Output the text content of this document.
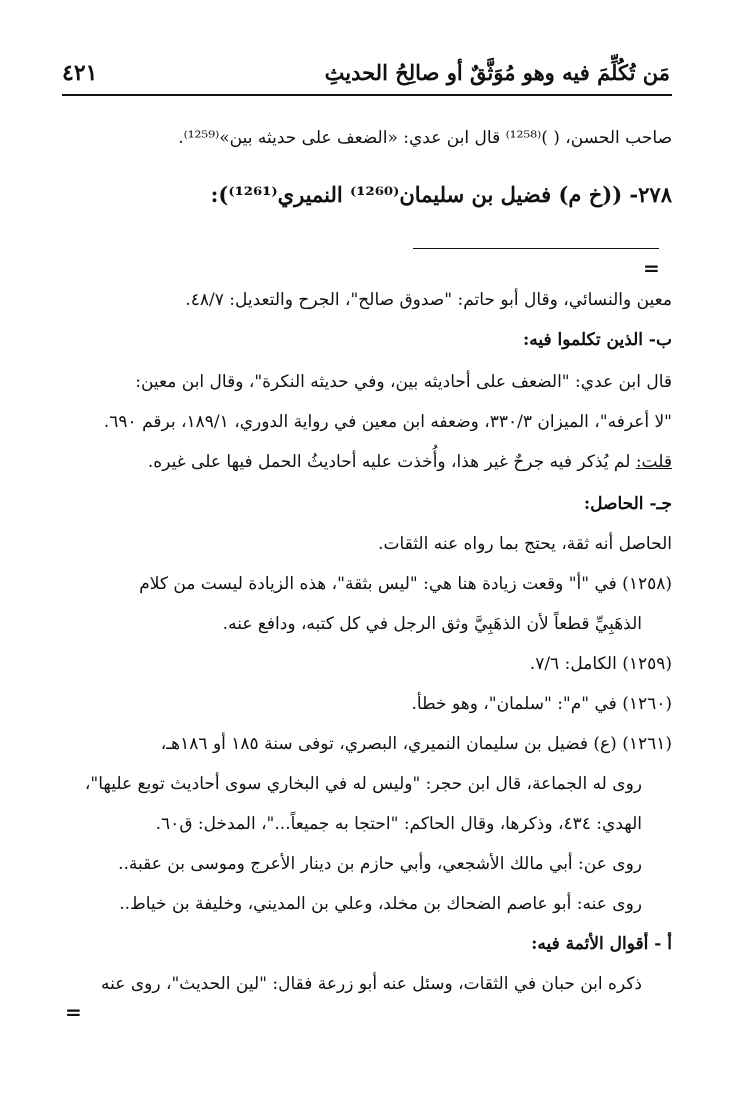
مَن تُكُلِّمَ فيه وهو مُوَثَّقٌ أو صالِحُ الحديثِ
٤٢١
صاحب الحسن، ( )⁽¹²⁵⁸⁾ قال ابن عدي: «الضعف على حديثه بين»⁽¹²⁵⁹⁾.
٢٧٨- ((خ م) فضيل بن سليمان⁽¹²⁶⁰⁾ النميري⁽¹²⁶¹⁾):
=
معين والنسائي، وقال أبو حاتم: "صدوق صالح"، الجرح والتعديل: ٤٨/٧.
ب- الذين تكلموا فيه:
قال ابن عدي: "الضعف على أحاديثه بين، وفي حديثه النكرة"، وقال ابن معين:
"لا أعرفه"، الميزان ٣٣٠/٣، وضعفه ابن معين في رواية الدوري، ١٨٩/١، برقم ٦٩٠.
قلت: لم يُذكر فيه جرحٌ غير هذا، وأُخذت عليه أحاديثُ الحمل فيها على غيره.
جـ- الحاصل:
الحاصل أنه ثقة، يحتج بما رواه عنه الثقات.
(١٢٥٨) في "أ" وقعت زيادة هنا هي: "ليس بثقة"، هذه الزيادة ليست من كلام
الذهَبِيِّ قطعاً لأن الذهَبِيَّ وثق الرجل في كل كتبه، ودافع عنه.
(١٢٥٩) الكامل: ٧/٦.
(١٢٦٠) في "م": "سلمان"، وهو خطأ.
(١٢٦١) (ع) فضيل بن سليمان النميري، البصري، توفى سنة ١٨٥ أو ١٨٦هـ،
روى له الجماعة، قال ابن حجر: "وليس له في البخاري سوى أحاديث توبع عليها"،
الهدي: ٤٣٤، وذكرها، وقال الحاكم: "احتجا به جميعاً..."، المدخل: ق٦٠.
روى عن: أبي مالك الأشجعي، وأبي حازم بن دينار الأعرج وموسى بن عقبة..
روى عنه: أبو عاصم الضحاك بن مخلد، وعلي بن المديني، وخليفة بن خياط..
أ - أقوال الأئمة فيه:
ذكره ابن حبان في الثقات، وسئل عنه أبو زرعة فقال: "لين الحديث"، روى عنه
=
